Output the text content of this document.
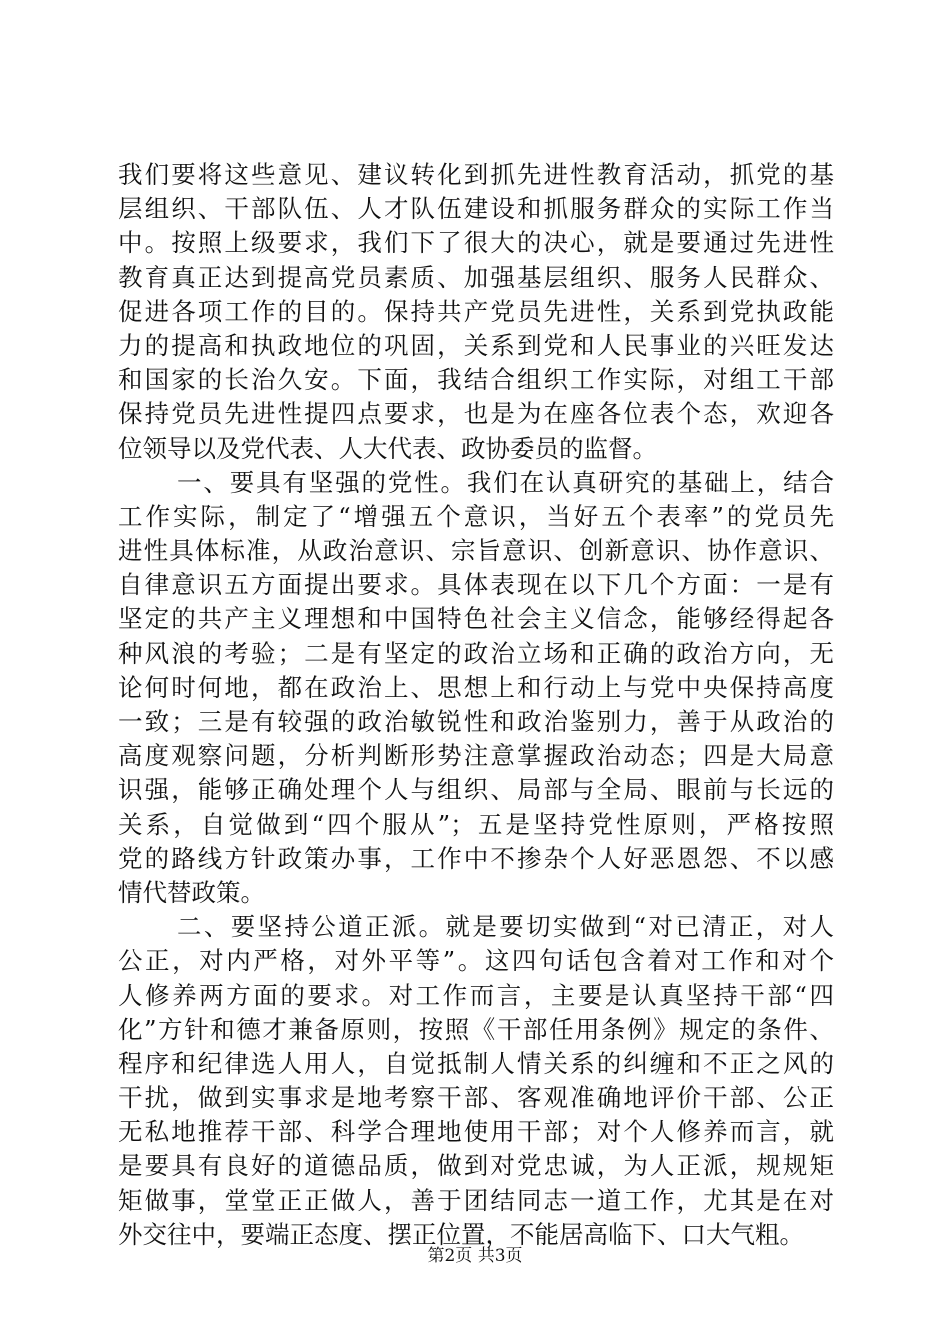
我们要将这些意见、建议转化到抓先进性教育活动，抓党的基
层组织、干部队伍、人才队伍建设和抓服务群众的实际工作当
中。按照上级要求，我们下了很大的决心，就是要通过先进性
教育真正达到提高党员素质、加强基层组织、服务人民群众、
促进各项工作的目的。保持共产党员先进性，关系到党执政能
力的提高和执政地位的巩固，关系到党和人民事业的兴旺发达
和国家的长治久安。下面，我结合组织工作实际，对组工干部
保持党员先进性提四点要求，也是为在座各位表个态，欢迎各
位领导以及党代表、人大代表、政协委员的监督。
一、要具有坚强的党性。我们在认真研究的基础上，结合
工作实际，制定了“增强五个意识，当好五个表率”的党员先
进性具体标准，从政治意识、宗旨意识、创新意识、协作意识、
自律意识五方面提出要求。具体表现在以下几个方面：一是有
坚定的共产主义理想和中国特色社会主义信念，能够经得起各
种风浪的考验；二是有坚定的政治立场和正确的政治方向，无
论何时何地，都在政治上、思想上和行动上与党中央保持高度
一致；三是有较强的政治敏锐性和政治鉴别力，善于从政治的
高度观察问题，分析判断形势注意掌握政治动态；四是大局意
识强，能够正确处理个人与组织、局部与全局、眼前与长远的
关系，自觉做到“四个服从”；五是坚持党性原则，严格按照
党的路线方针政策办事，工作中不掺杂个人好恶恩怨、不以感
情代替政策。
二、要坚持公道正派。就是要切实做到“对已清正，对人
公正，对内严格，对外平等”。这四句话包含着对工作和对个
人修养两方面的要求。对工作而言，主要是认真坚持干部“四
化”方针和德才兼备原则，按照《干部任用条例》规定的条件、
程序和纪律选人用人，自觉抵制人情关系的纠缠和不正之风的
干扰，做到实事求是地考察干部、客观准确地评价干部、公正
无私地推荐干部、科学合理地使用干部；对个人修养而言，就
是要具有良好的道德品质，做到对党忠诚，为人正派，规规矩
矩做事，堂堂正正做人，善于团结同志一道工作，尤其是在对
外交往中，要端正态度、摆正位置，不能居高临下、口大气粗。
第2页 共3页
